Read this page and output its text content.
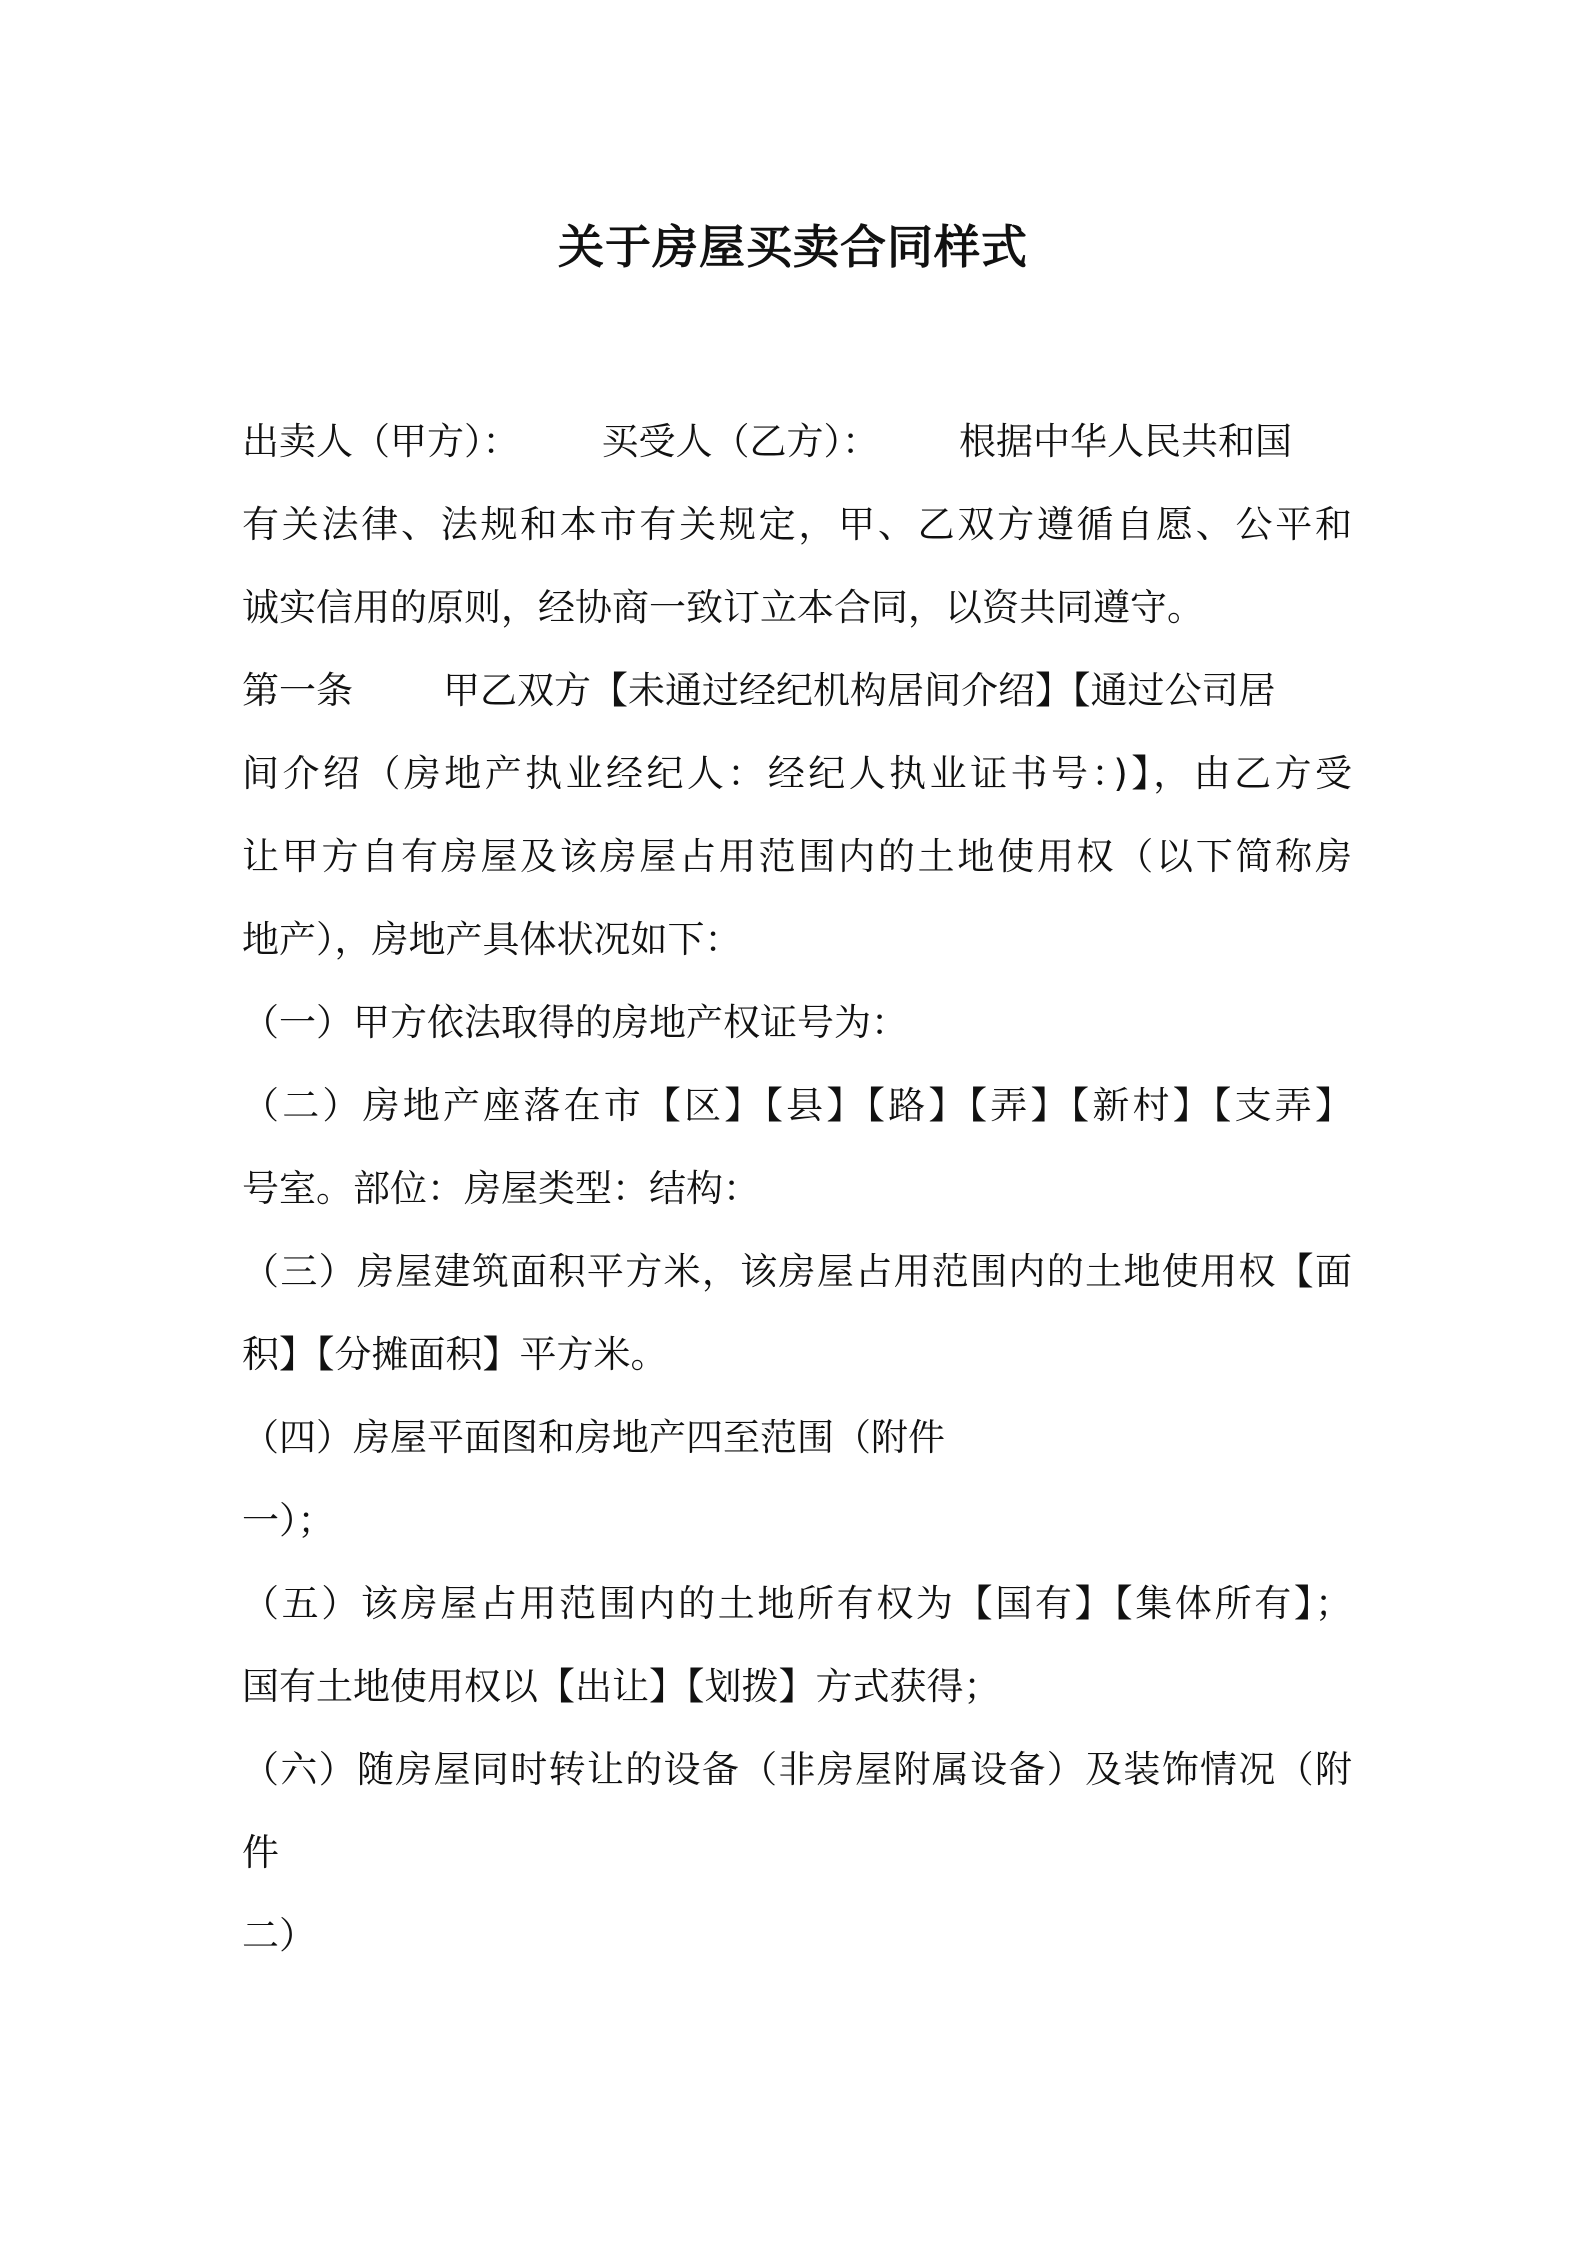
关于房屋买卖合同样式
出卖人（甲方）： 买受人（乙方）： 根据中华人民共和国
有关法律、法规和本市有关规定，甲、乙双方遵循自愿、公平和
诚实信用的原则，经协商一致订立本合同，以资共同遵守。
第一条 甲乙双方【未通过经纪机构居间介绍】【通过公司居
间介绍（房地产执业经纪人：经纪人执业证书号：)】，由乙方受
让甲方自有房屋及该房屋占用范围内的土地使用权（以下简称房
地产），房地产具体状况如下：
（一）甲方依法取得的房地产权证号为：
（二）房地产座落在市【区】【县】【路】【弄】【新村】【支弄】
号室。部位：房屋类型：结构：
（三）房屋建筑面积平方米，该房屋占用范围内的土地使用权【面
积】【分摊面积】平方米。
（四）房屋平面图和房地产四至范围（附件
一）；
（五）该房屋占用范围内的土地所有权为【国有】【集体所有】；
国有土地使用权以【出让】【划拨】方式获得；
（六）随房屋同时转让的设备（非房屋附属设备）及装饰情况（附
件
二）
